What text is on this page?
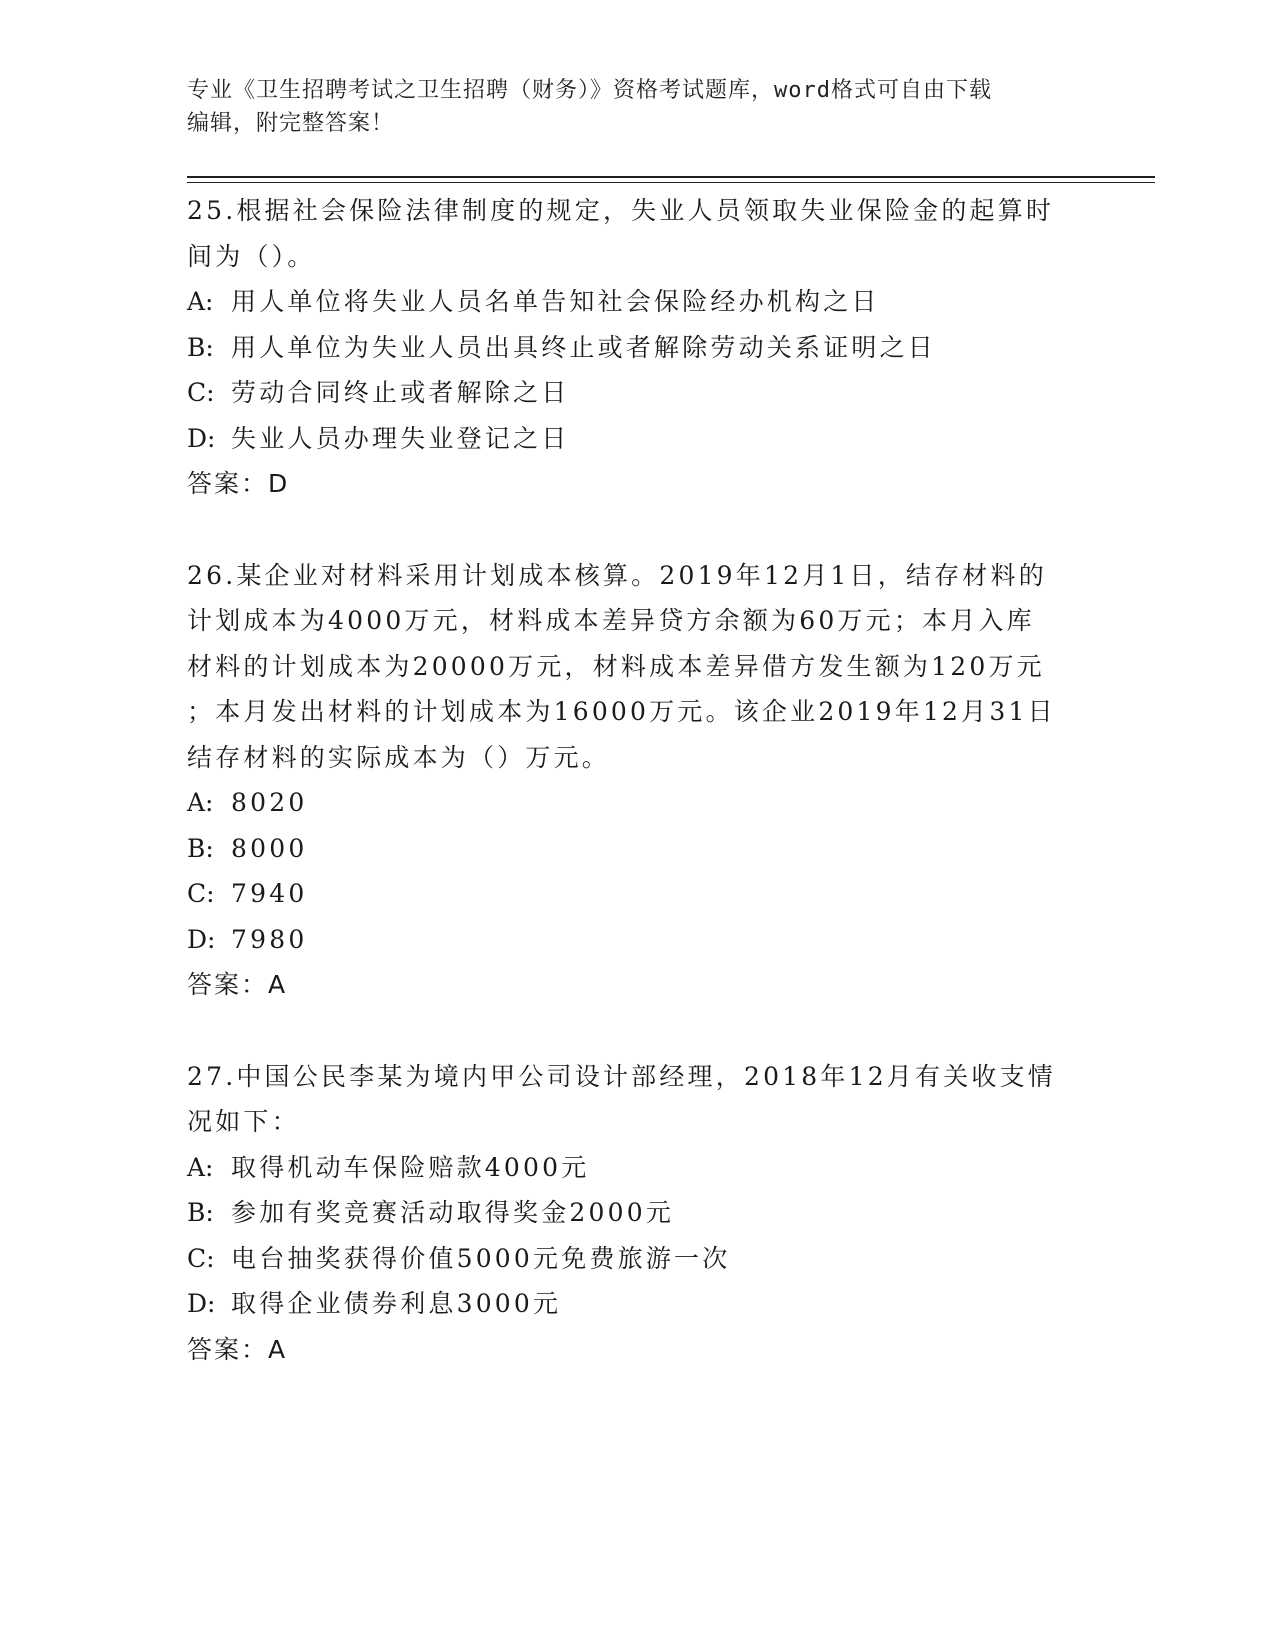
专业《卫生招聘考试之卫生招聘（财务）》资格考试题库，word格式可自由下载
编辑，附完整答案！

25.根据社会保险法律制度的规定，失业人员领取失业保险金的起算时

间为（）。

A: 用人单位将失业人员名单告知社会保险经办机构之日

B: 用人单位为失业人员出具终止或者解除劳动关系证明之日

C: 劳动合同终止或者解除之日

D: 失业人员办理失业登记之日

答案：D

26.某企业对材料采用计划成本核算。2019年12月1日，结存材料的

计划成本为4000万元，材料成本差异贷方余额为60万元；本月入库

材料的计划成本为20000万元，材料成本差异借方发生额为120万元

；本月发出材料的计划成本为16000万元。该企业2019年12月31日

结存材料的实际成本为（）万元。

A: 8020

B: 8000

C: 7940

D: 7980

答案：A

27.中国公民李某为境内甲公司设计部经理，2018年12月有关收支情

况如下：

A: 取得机动车保险赔款4000元

B: 参加有奖竞赛活动取得奖金2000元

C: 电台抽奖获得价值5000元免费旅游一次

D: 取得企业债券利息3000元

答案：A
